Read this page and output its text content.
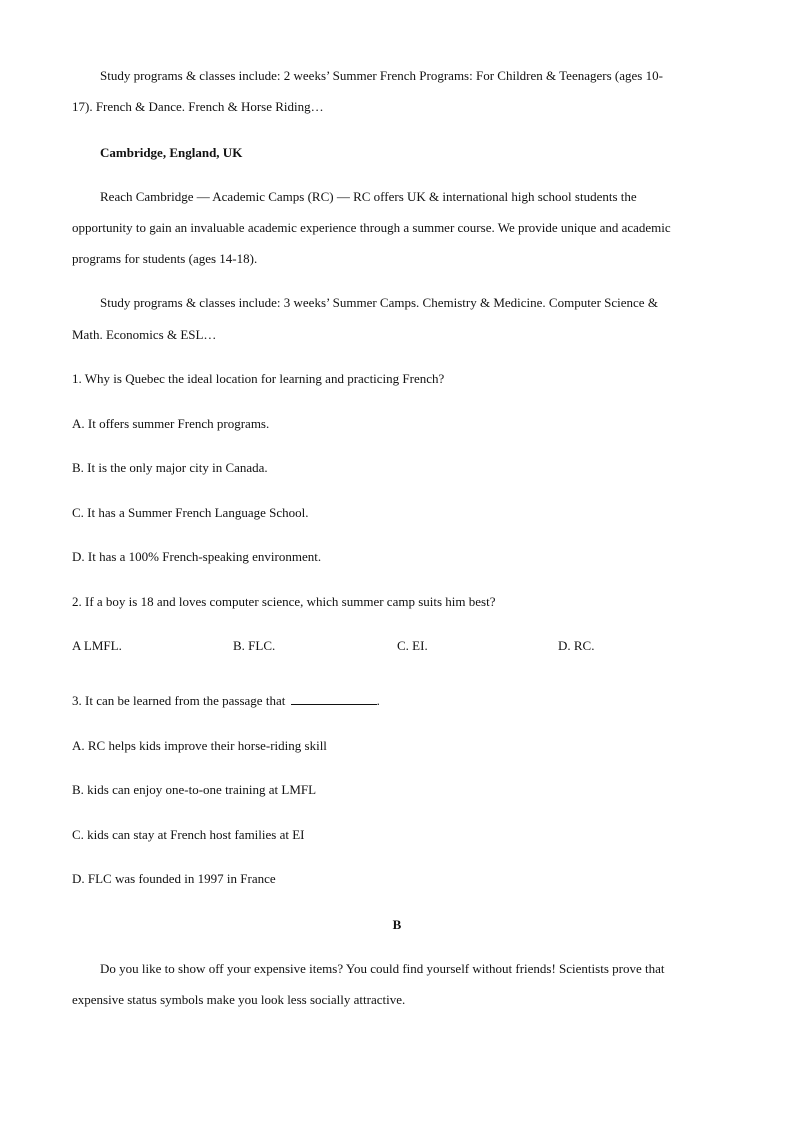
Study programs & classes include: 2 weeks’ Summer French Programs: For Children & Teenagers (ages 10-
17). French & Dance. French & Horse Riding…
Cambridge, England, UK
Reach Cambridge — Academic Camps (RC) — RC offers UK & international high school students the
opportunity to gain an invaluable academic experience through a summer course. We provide unique and academic
programs for students (ages 14-18).
Study programs & classes include: 3 weeks’ Summer Camps. Chemistry & Medicine. Computer Science &
Math. Economics & ESL…
1. Why is Quebec the ideal location for learning and practicing French?
A. It offers summer French programs.
B. It is the only major city in Canada.
C. It has a Summer French Language School.
D. It has a 100% French-speaking environment.
2. If a boy is 18 and loves computer science, which summer camp suits him best?
A LMFL.	B. FLC.	C. EI.	D. RC.
3. It can be learned from the passage that	.
A. RC helps kids improve their horse-riding skill
B. kids can enjoy one-to-one training at LMFL
C. kids can stay at French host families at EI
D. FLC was founded in 1997 in France
B
Do you like to show off your expensive items? You could find yourself without friends! Scientists prove that
expensive status symbols make you look less socially attractive.
